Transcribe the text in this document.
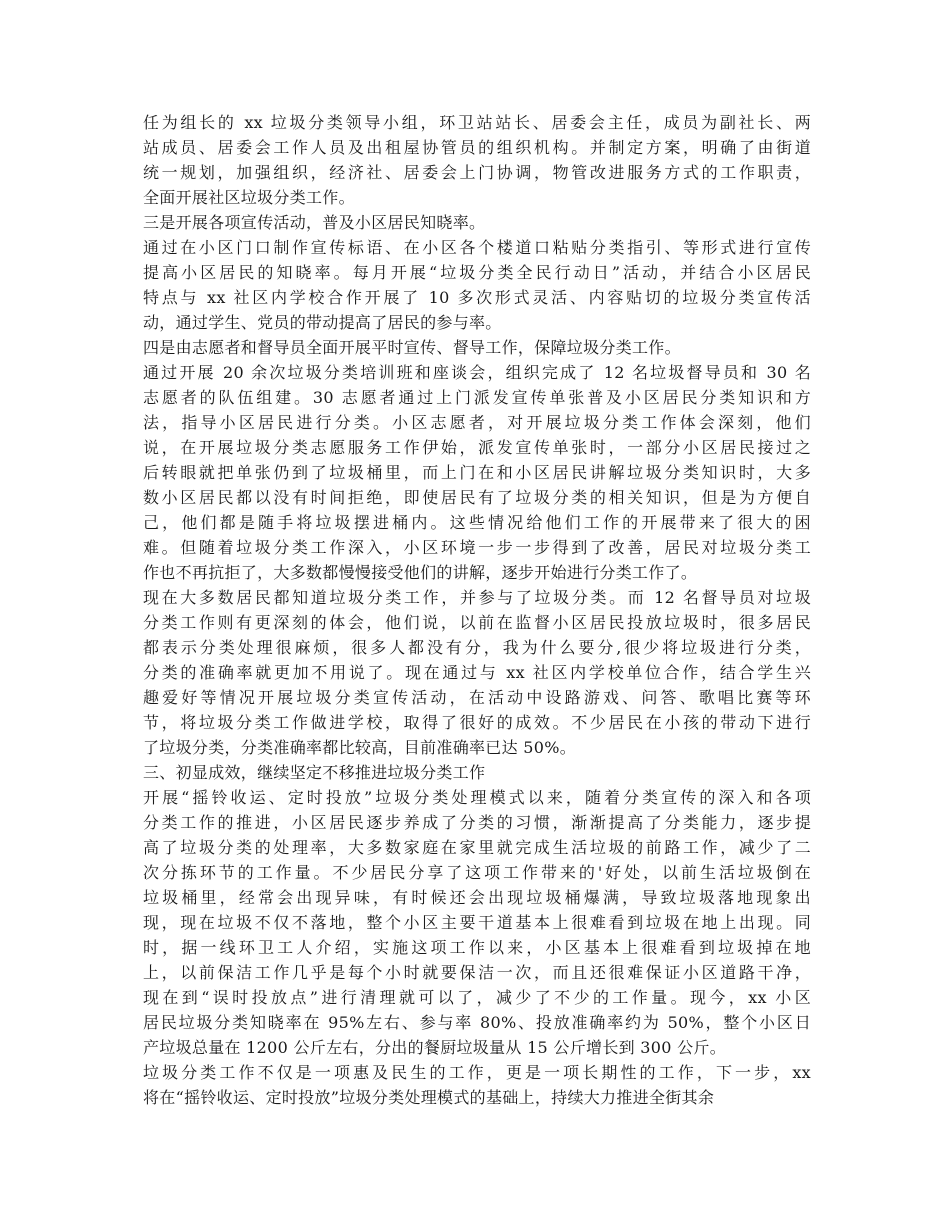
任为组长的 xx 垃圾分类领导小组，环卫站站长、居委会主任，成员为副社长、两
站成员、居委会工作人员及出租屋协管员的组织机构。并制定方案，明确了由街道
统一规划，加强组织，经济社、居委会上门协调，物管改进服务方式的工作职责，
全面开展社区垃圾分类工作。
三是开展各项宣传活动，普及小区居民知晓率。
通过在小区门口制作宣传标语、在小区各个楼道口粘贴分类指引、等形式进行宣传
提高小区居民的知晓率。每月开展“垃圾分类全民行动日”活动，并结合小区居民
特点与 xx 社区内学校合作开展了 10 多次形式灵活、内容贴切的垃圾分类宣传活
动，通过学生、党员的带动提高了居民的参与率。
四是由志愿者和督导员全面开展平时宣传、督导工作，保障垃圾分类工作。
通过开展 20 余次垃圾分类培训班和座谈会，组织完成了 12 名垃圾督导员和 30 名
志愿者的队伍组建。30 志愿者通过上门派发宣传单张普及小区居民分类知识和方
法，指导小区居民进行分类。小区志愿者，对开展垃圾分类工作体会深刻，他们
说，在开展垃圾分类志愿服务工作伊始，派发宣传单张时，一部分小区居民接过之
后转眼就把单张仍到了垃圾桶里，而上门在和小区居民讲解垃圾分类知识时，大多
数小区居民都以没有时间拒绝，即使居民有了垃圾分类的相关知识，但是为方便自
己，他们都是随手将垃圾摆进桶内。这些情况给他们工作的开展带来了很大的困
难。但随着垃圾分类工作深入，小区环境一步一步得到了改善，居民对垃圾分类工
作也不再抗拒了，大多数都慢慢接受他们的讲解，逐步开始进行分类工作了。
现在大多数居民都知道垃圾分类工作，并参与了垃圾分类。而 12 名督导员对垃圾
分类工作则有更深刻的体会，他们说，以前在监督小区居民投放垃圾时，很多居民
都表示分类处理很麻烦，很多人都没有分，我为什么要分,很少将垃圾进行分类，
分类的准确率就更加不用说了。现在通过与 xx 社区内学校单位合作，结合学生兴
趣爱好等情况开展垃圾分类宣传活动，在活动中设路游戏、问答、歌唱比赛等环
节，将垃圾分类工作做进学校，取得了很好的成效。不少居民在小孩的带动下进行
了垃圾分类，分类准确率都比较高，目前准确率已达 50%。
三、初显成效，继续坚定不移推进垃圾分类工作
开展“摇铃收运、定时投放”垃圾分类处理模式以来，随着分类宣传的深入和各项
分类工作的推进，小区居民逐步养成了分类的习惯，渐渐提高了分类能力，逐步提
高了垃圾分类的处理率，大多数家庭在家里就完成生活垃圾的前路工作，减少了二
次分拣环节的工作量。不少居民分享了这项工作带来的'好处，以前生活垃圾倒在
垃圾桶里，经常会出现异味，有时候还会出现垃圾桶爆满，导致垃圾落地现象出
现，现在垃圾不仅不落地，整个小区主要干道基本上很难看到垃圾在地上出现。同
时，据一线环卫工人介绍，实施这项工作以来，小区基本上很难看到垃圾掉在地
上，以前保洁工作几乎是每个小时就要保洁一次，而且还很难保证小区道路干净，
现在到“误时投放点”进行清理就可以了，减少了不少的工作量。现今，xx 小区
居民垃圾分类知晓率在 95%左右、参与率 80%、投放准确率约为 50%，整个小区日
产垃圾总量在 1200 公斤左右，分出的餐厨垃圾量从 15 公斤增长到 300 公斤。
垃圾分类工作不仅是一项惠及民生的工作，更是一项长期性的工作，下一步，xx
将在“摇铃收运、定时投放”垃圾分类处理模式的基础上，持续大力推进全街其余
